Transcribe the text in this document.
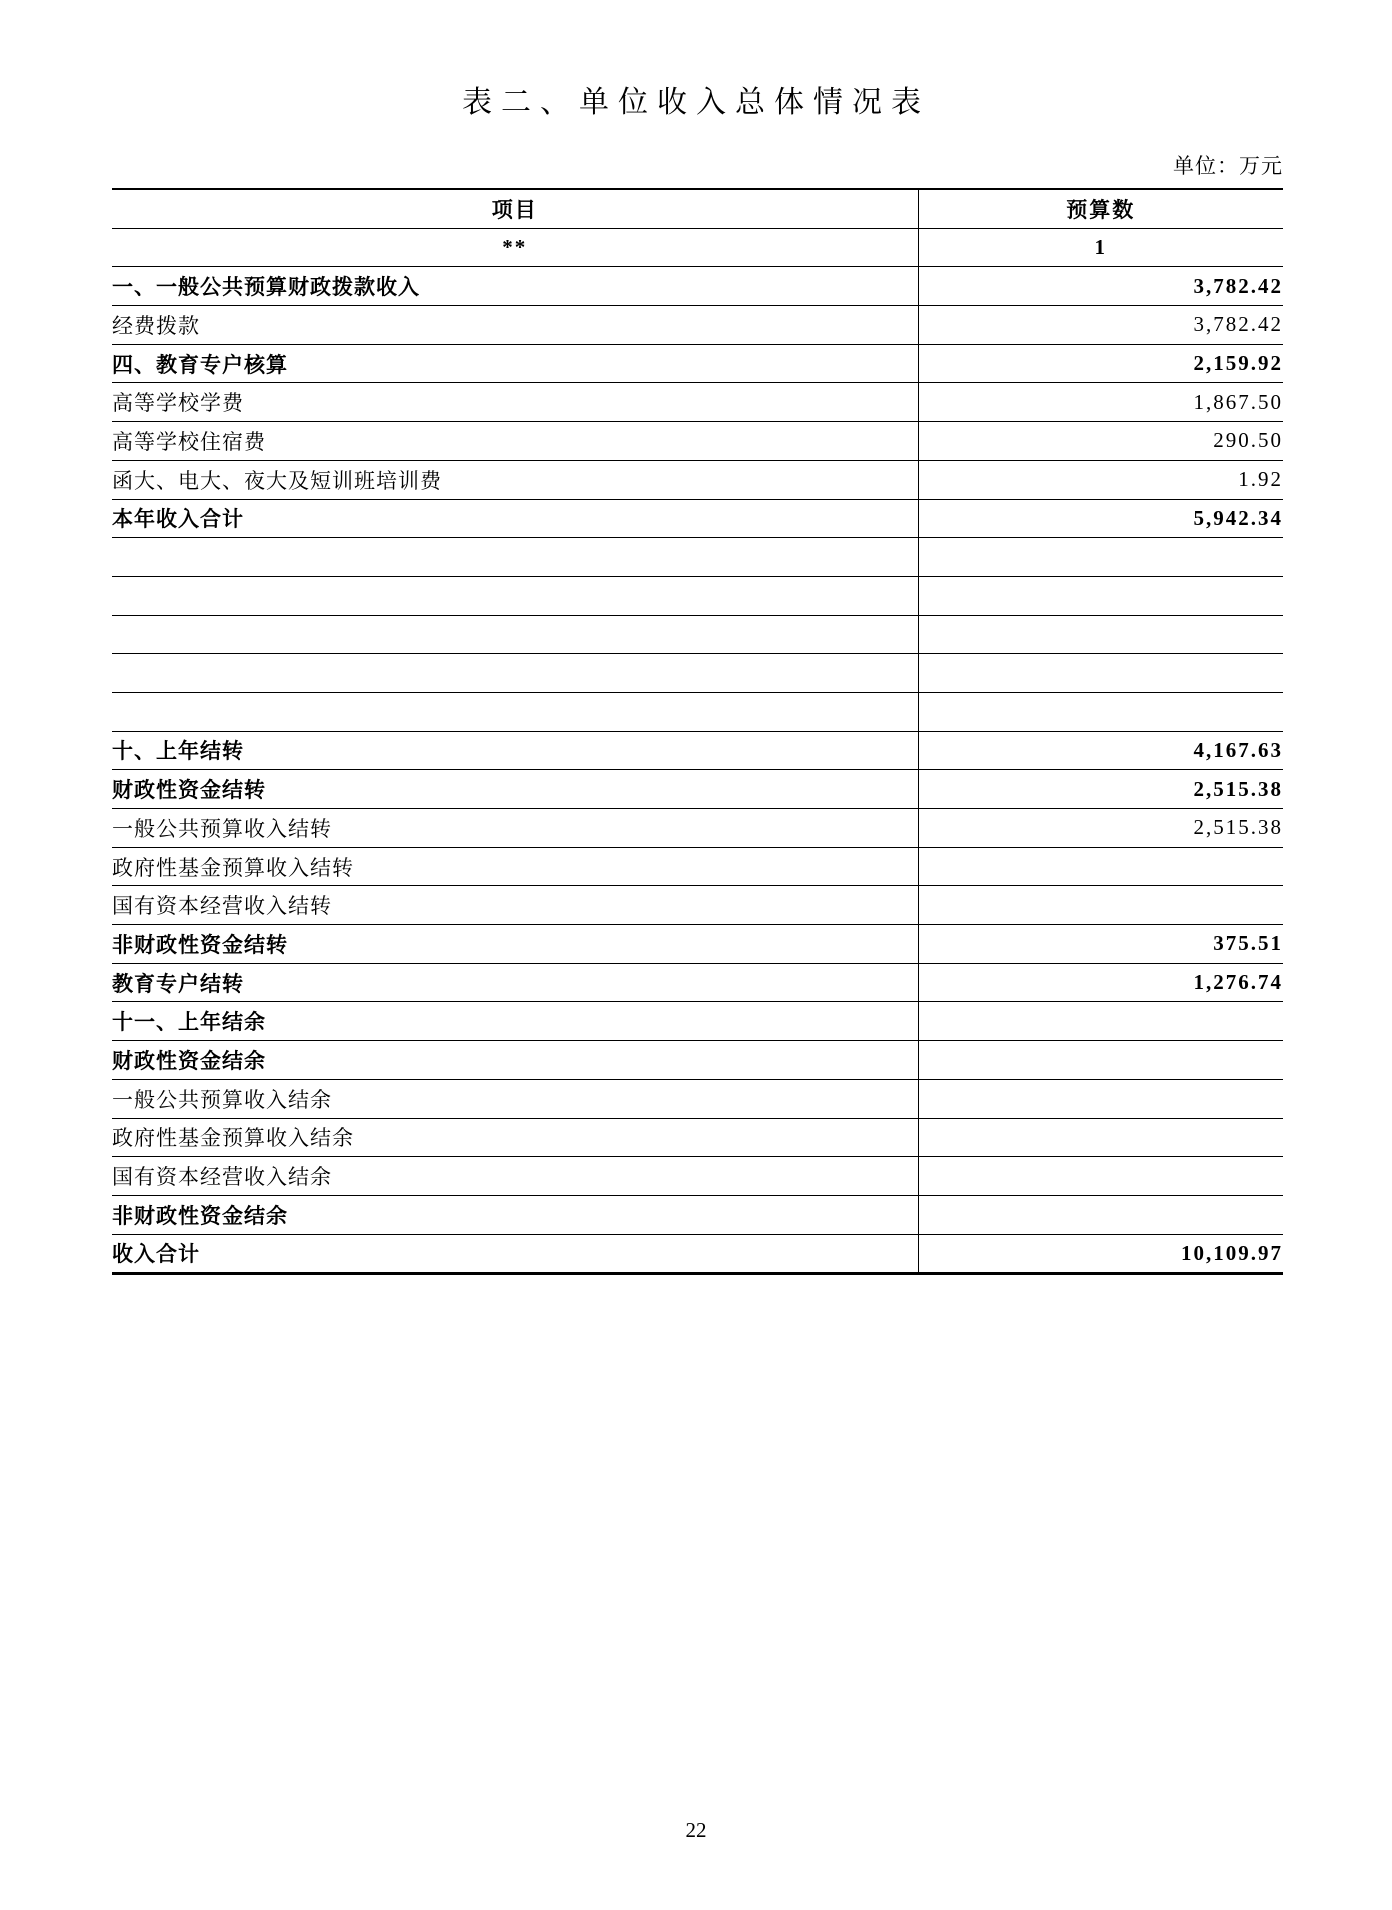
表二、单位收入总体情况表
单位：万元
项目	预算数
**	1
一、一般公共预算财政拨款收入	3,782.42
经费拨款	3,782.42
四、教育专户核算	2,159.92
高等学校学费	1,867.50
高等学校住宿费	290.50
函大、电大、夜大及短训班培训费	1.92
本年收入合计	5,942.34

十、上年结转	4,167.63
财政性资金结转	2,515.38
一般公共预算收入结转	2,515.38
政府性基金预算收入结转	
国有资本经营收入结转	
非财政性资金结转	375.51
教育专户结转	1,276.74
十一、上年结余	
财政性资金结余	
一般公共预算收入结余	
政府性基金预算收入结余	
国有资本经营收入结余	
非财政性资金结余	
收入合计	10,109.97
22
